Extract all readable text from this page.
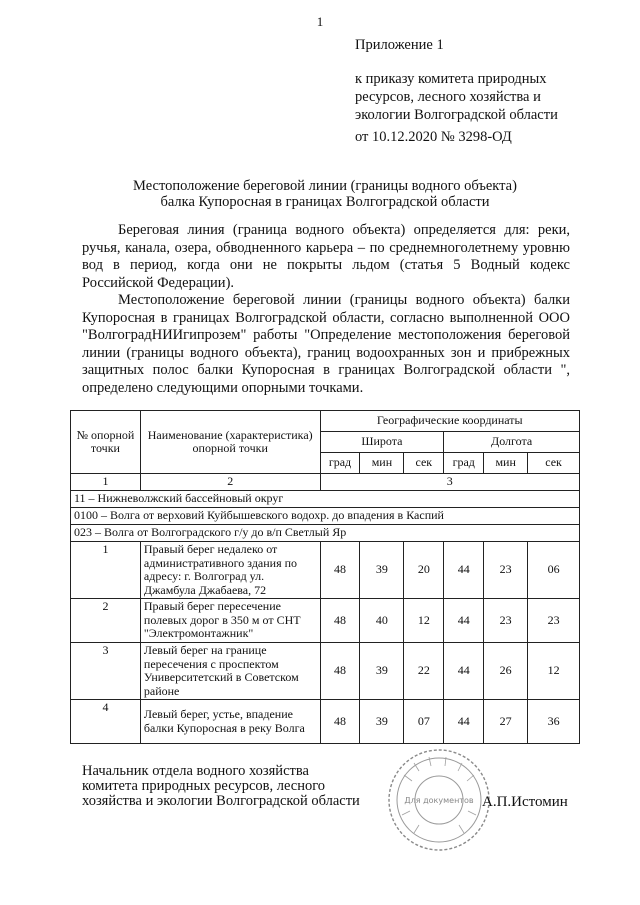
1
Приложение 1
к приказу комитета природных
ресурсов, лесного хозяйства и
экологии Волгоградской области
от 10.12.2020 № 3298-ОД
Местоположение береговой линии (границы водного объекта)
балка Купоросная в границах Волгоградской области

Береговая линия (граница водного объекта) определяется для: реки, ручья, канала, озера, обводненного карьера – по среднемноголетнему уровню вод в период, когда они не покрыты льдом (статья 5 Водный кодекс Российской Федерации).

Местоположение береговой линии (границы водного объекта) балки Купоросная в границах Волгоградской области, согласно выполненной ООО "ВолгоградНИИгипрозем" работы "Определение местоположения береговой линии (границы водного объекта), границ водоохранных зон и прибрежных защитных полос балки Купоросная в границах Волгоградской области ", определено следующими опорными точками.

№ опорной точки	Наименование (характеристика) опорной точки	Географические координаты					
		Широта			Долгота		
		град	мин	сек	град	мин	сек
1	2	3					
11 – Нижневолжский бассейновый округ							
0100 – Волга от верховий Куйбышевского водохр. до впадения в Каспий							
023 – Волга от Волгоградского г/у до в/п Светлый Яр							
1	Правый берег недалеко от административного здания по адресу: г. Волгоград ул. Джамбула Джабаева, 72	48	39	20	44	23	06
2	Правый берег пересечение полевых дорог в 350 м от СНТ "Электромонтажник"	48	40	12	44	23	23
3	Левый берег на границе пересечения с проспектом Университетский в Советском районе	48	39	22	44	26	12
4	Левый берег, устье, впадение балки Купоросная в реку Волга	48	39	07	44	27	36
Начальник отдела водного хозяйства
комитета природных ресурсов, лесного
хозяйства и экологии Волгоградской области	Для документов А.П.Истомин
